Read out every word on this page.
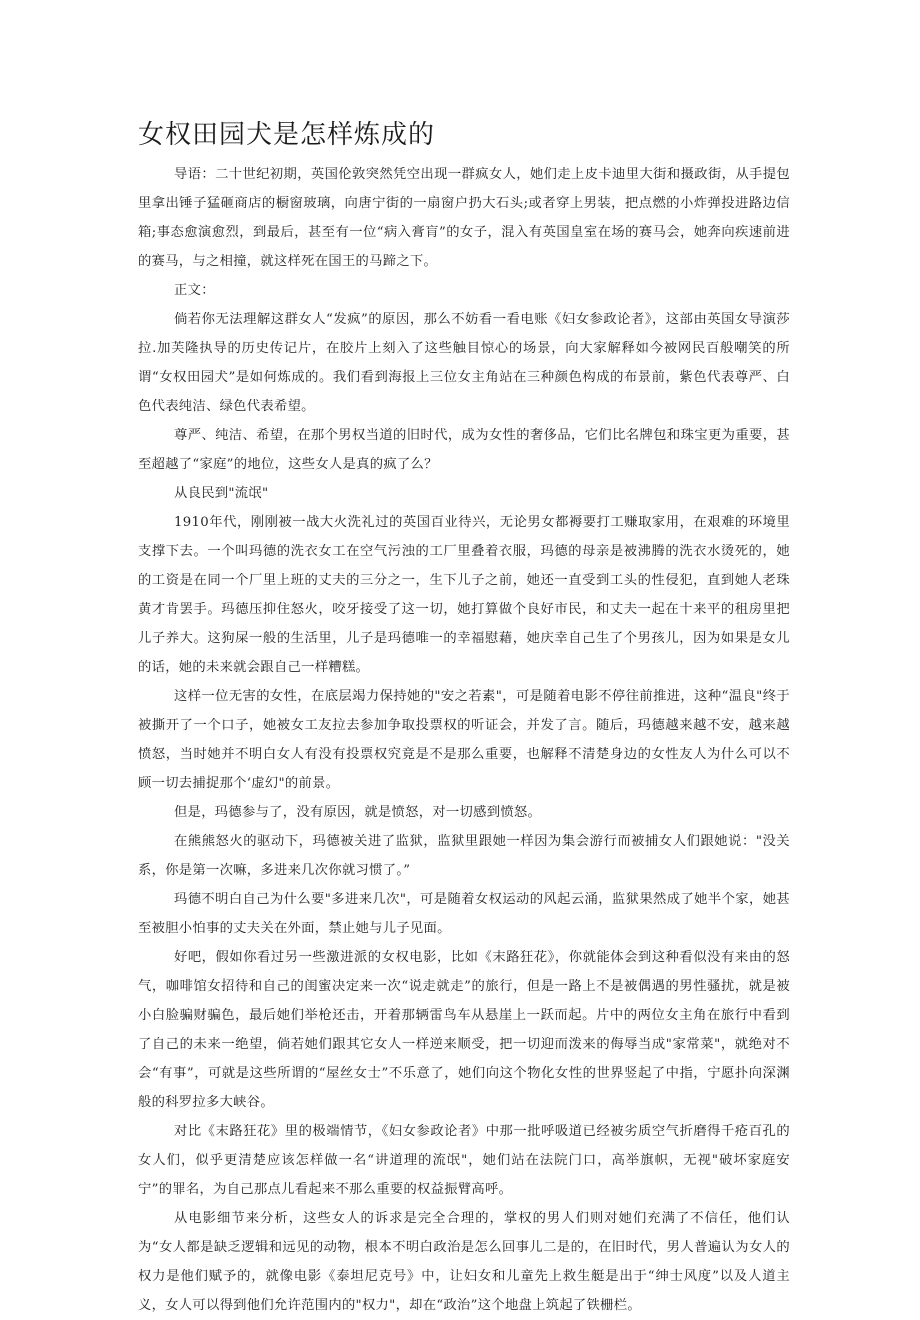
女权田园犬是怎样炼成的

导语：二十世纪初期，英国伦敦突然凭空出现一群疯女人，她们走上皮卡迪里大街和摄政街，从手提包里拿出锤子猛砸商店的橱窗玻璃，向唐宁街的一扇窗户扔大石头;或者穿上男装，把点燃的小炸弹投进路边信箱;事态愈演愈烈，到最后，甚至有一位“病入膏肓”的女子，混入有英国皇室在场的赛马会，她奔向疾速前进的赛马，与之相撞，就这样死在国王的马蹄之下。

正文：

倘若你无法理解这群女人“发疯”的原因，那么不妨看一看电账《妇女参政论者》，这部由英国女导演莎拉.加芙隆执导的历史传记片，在胶片上刻入了这些触目惊心的场景，向大家解释如今被网民百般嘲笑的所谓“女权田园犬”是如何炼成的。我们看到海报上三位女主角站在三种颜色构成的布景前，紫色代表尊严、白色代表纯洁、绿色代表希望。

尊严、纯洁、希望，在那个男权当道的旧时代，成为女性的奢侈品，它们比名牌包和珠宝更为重要，甚至超越了“家庭”的地位，这些女人是真的疯了么？

从良民到"流氓"

1910年代，刚刚被一战大火洗礼过的英国百业待兴，无论男女都褥要打工赚取家用，在艰难的环境里支撑下去。一个叫玛德的洗衣女工在空气污浊的工厂里叠着衣服，玛德的母亲是被沸腾的洗衣水烫死的，她的工资是在同一个厂里上班的丈夫的三分之一，生下儿子之前，她还一直受到工头的性侵犯，直到她人老珠黄才肯罢手。玛德压抑住怒火，咬牙接受了这一切，她打算做个良好市民，和丈夫一起在十来平的租房里把儿子养大。这狗屎一般的生活里，儿子是玛德唯一的幸福慰藉，她庆幸自己生了个男孩儿，因为如果是女儿的话，她的未来就会跟自己一样糟糕。

这样一位无害的女性，在底层竭力保持她的"安之若素"，可是随着电影不停往前推进，这种“温良"终于被撕开了一个口子，她被女工友拉去参加争取投票权的听证会，并发了言。随后，玛德越来越不安，越来越愤怒，当时她并不明白女人有没有投票权究竟是不是那么重要，也解释不清楚身边的女性友人为什么可以不顾一切去捕捉那个‘虚幻"的前景。

但是，玛德参与了，没有原因，就是愤怒，对一切感到愤怒。

在熊熊怒火的驱动下，玛德被关进了监狱，监狱里跟她一样因为集会游行而被捕女人们跟她说："没关系，你是第一次嘛，多进来几次你就习惯了。”

玛德不明白自己为什么要"多进来几次"，可是随着女权运动的风起云涌，监狱果然成了她半个家，她甚至被胆小怕事的丈夫关在外面，禁止她与儿子见面。

好吧，假如你看过另一些激进派的女权电影，比如《末路狂花》，你就能体会到这种看似没有来由的怒气，咖啡馆女招待和自己的闺蜜决定来一次“说走就走”的旅行，但是一路上不是被偶遇的男性骚扰，就是被小白脸骗财骗色，最后她们举枪还击，开着那辆雷鸟车从悬崖上一跃而起。片中的两位女主角在旅行中看到了自己的未来一绝望，倘若她们跟其它女人一样逆来顺受，把一切迎而泼来的侮辱当成"家常菜"，就绝对不会“有事”，可就是这些所谓的“屋丝女士”不乐意了，她们向这个物化女性的世界竖起了中指，宁愿扑向深渊般的科罗拉多大峡谷。

对比《末路狂花》里的极端情节，《妇女参政论者》中那一批呼吸道已经被劣质空气折磨得千疮百孔的女人们，似乎更清楚应该怎样做一名“讲道理的流氓"，她们站在法院门口，高举旗帜，无视"破坏家庭安宁”的罪名，为自己那点儿看起来不那么重要的权益振臂高呼。

从电影细节来分析，这些女人的诉求是完全合理的，掌权的男人们则对她们充满了不信任，他们认为“女人都是缺乏逻辑和远见的动物，根本不明白政治是怎么回事儿二是的，在旧时代，男人普遍认为女人的权力是他们赋予的，就像电影《泰坦尼克号》中，让妇女和儿童先上救生艇是出于“绅士风度”以及人道主义，女人可以得到他们允许范围内的"权力"，却在“政治”这个地盘上筑起了铁栅栏。
